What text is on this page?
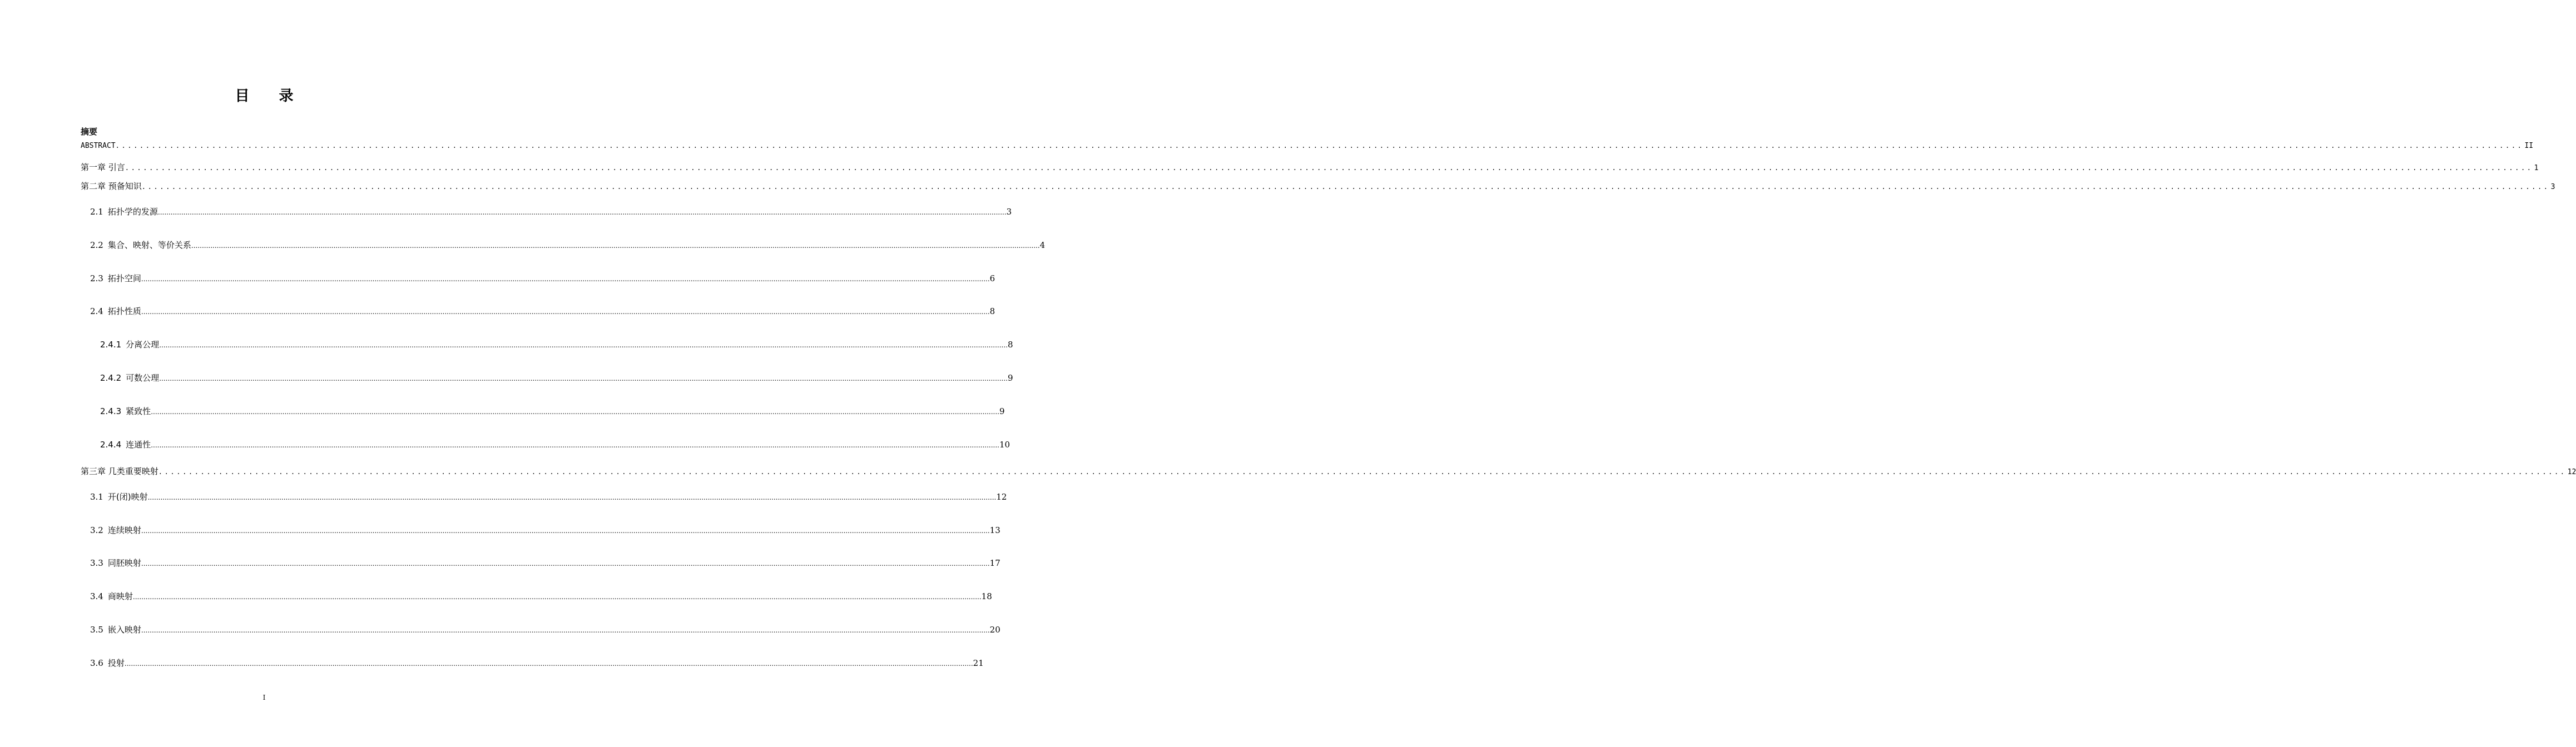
目 录
摘要
ABSTRACT ................................................................................................................................................................................................................................................................................................................................................................................................................ II
第一章 引言 ................................................................................................................................................................................................................................................................................................................................................................................................................ 1
第二章 预备知识 ................................................................................................................................................................................................................................................................................................................................................................................................................ 3
2.1 拓扑学的发源 ................................................................................................................................................................................................................................................................................................................................................................................................................ 3
2.2 集合、映射、等价关系 ................................................................................................................................................................................................................................................................................................................................................................................................................ 4
2.3 拓扑空间 ................................................................................................................................................................................................................................................................................................................................................................................................................ 6
2.4 拓扑性质 ................................................................................................................................................................................................................................................................................................................................................................................................................ 8
2.4.1 分离公理 ................................................................................................................................................................................................................................................................................................................................................................................................................ 8
2.4.2 可数公理 ................................................................................................................................................................................................................................................................................................................................................................................................................ 9
2.4.3 紧致性 ................................................................................................................................................................................................................................................................................................................................................................................................................ 9
2.4.4 连通性 ................................................................................................................................................................................................................................................................................................................................................................................................................ 10
第三章 几类重要映射 ................................................................................................................................................................................................................................................................................................................................................................................................................ 12
3.1 开(闭)映射 ................................................................................................................................................................................................................................................................................................................................................................................................................ 12
3.2 连续映射 ................................................................................................................................................................................................................................................................................................................................................................................................................ 13
3.3 同胚映射 ................................................................................................................................................................................................................................................................................................................................................................................................................ 17
3.4 商映射 ................................................................................................................................................................................................................................................................................................................................................................................................................ 18
3.5 嵌入映射 ................................................................................................................................................................................................................................................................................................................................................................................................................ 20
3.6 投射 ................................................................................................................................................................................................................................................................................................................................................................................................................ 21
I
